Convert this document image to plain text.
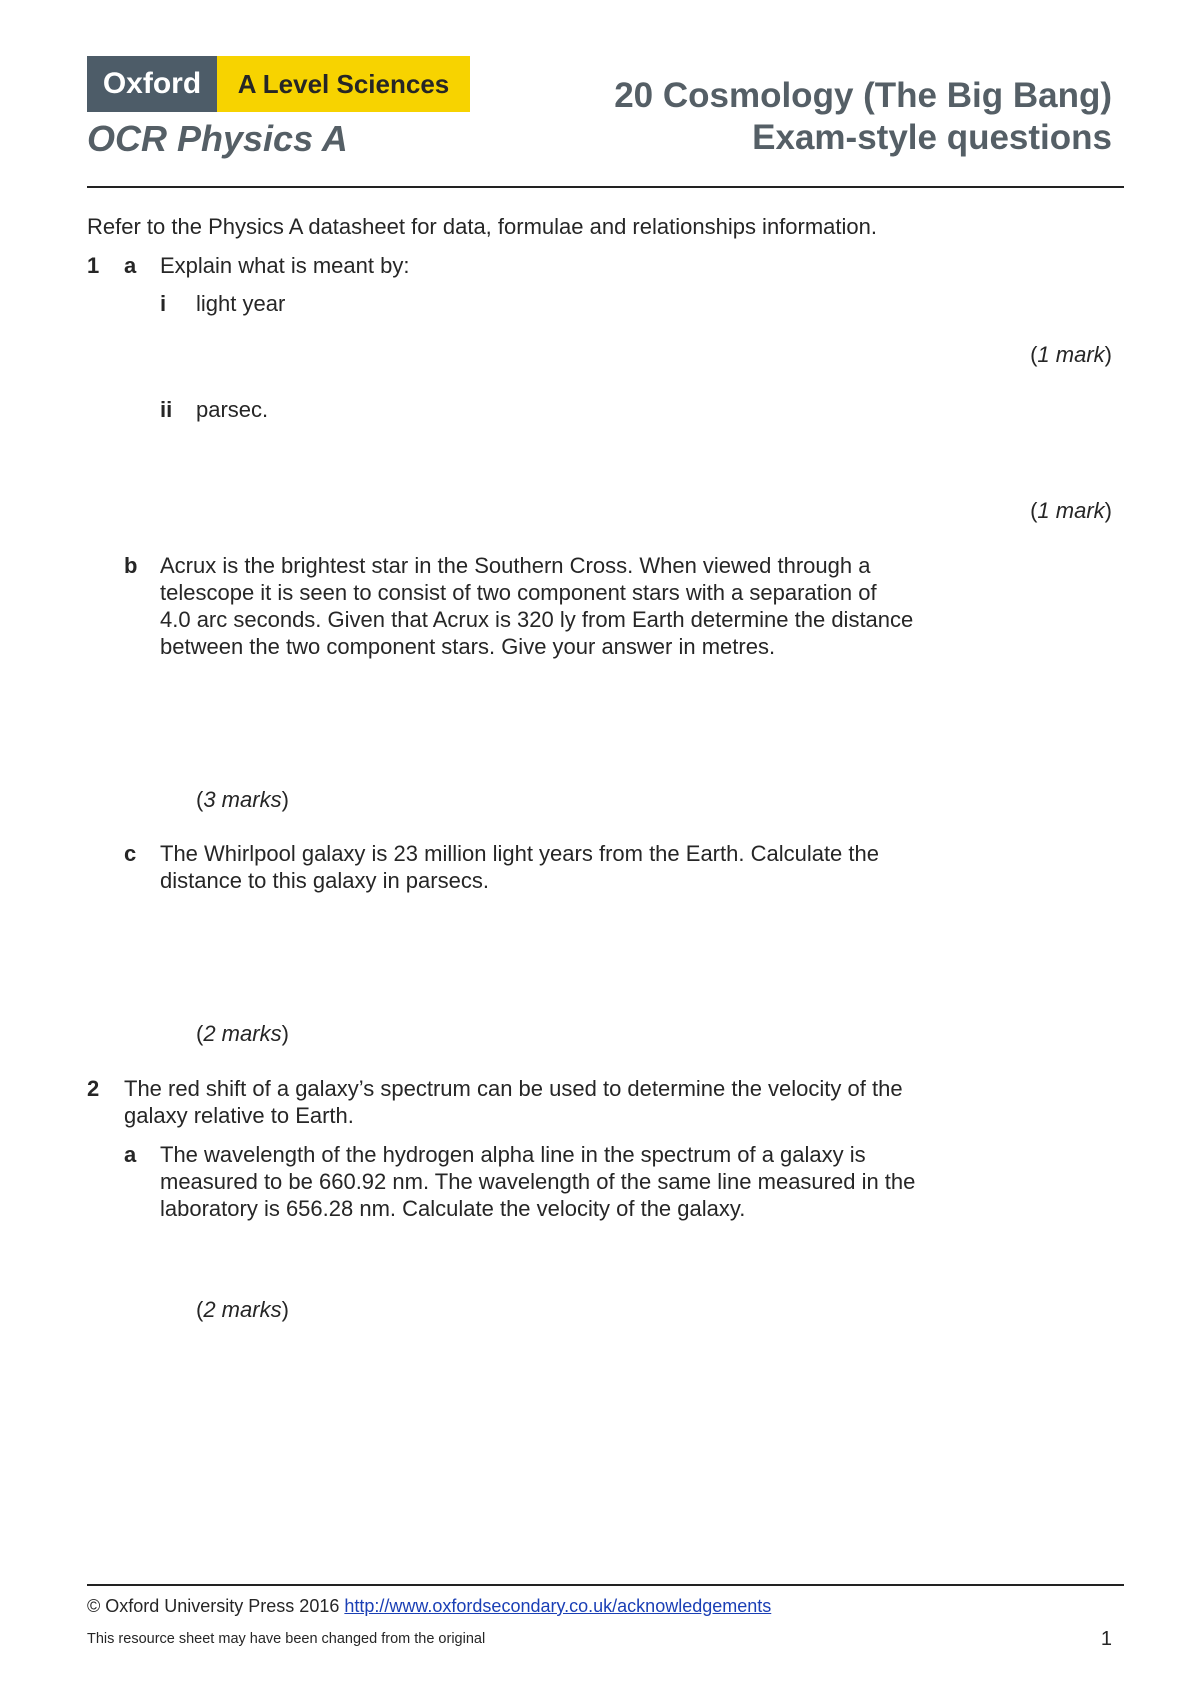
Oxford	A Level Sciences
OCR Physics A
20 Cosmology (The Big Bang)
Exam-style questions
Refer to the Physics A datasheet for data, formulae and relationships information.
1 a Explain what is meant by:
i light year
(1 mark)
ii parsec.
(1 mark)
b Acrux is the brightest star in the Southern Cross. When viewed through a
telescope it is seen to consist of two component stars with a separation of
4.0 arc seconds. Given that Acrux is 320 ly from Earth determine the distance
between the two component stars. Give your answer in metres.
(3 marks)
c The Whirlpool galaxy is 23 million light years from the Earth. Calculate the
distance to this galaxy in parsecs.
(2 marks)
2 The red shift of a galaxy’s spectrum can be used to determine the velocity of the
galaxy relative to Earth.
a The wavelength of the hydrogen alpha line in the spectrum of a galaxy is
measured to be 660.92 nm. The wavelength of the same line measured in the
laboratory is 656.28 nm. Calculate the velocity of the galaxy.
(2 marks)
© Oxford University Press 2016 http://www.oxfordsecondary.co.uk/acknowledgements
This resource sheet may have been changed from the original	1
